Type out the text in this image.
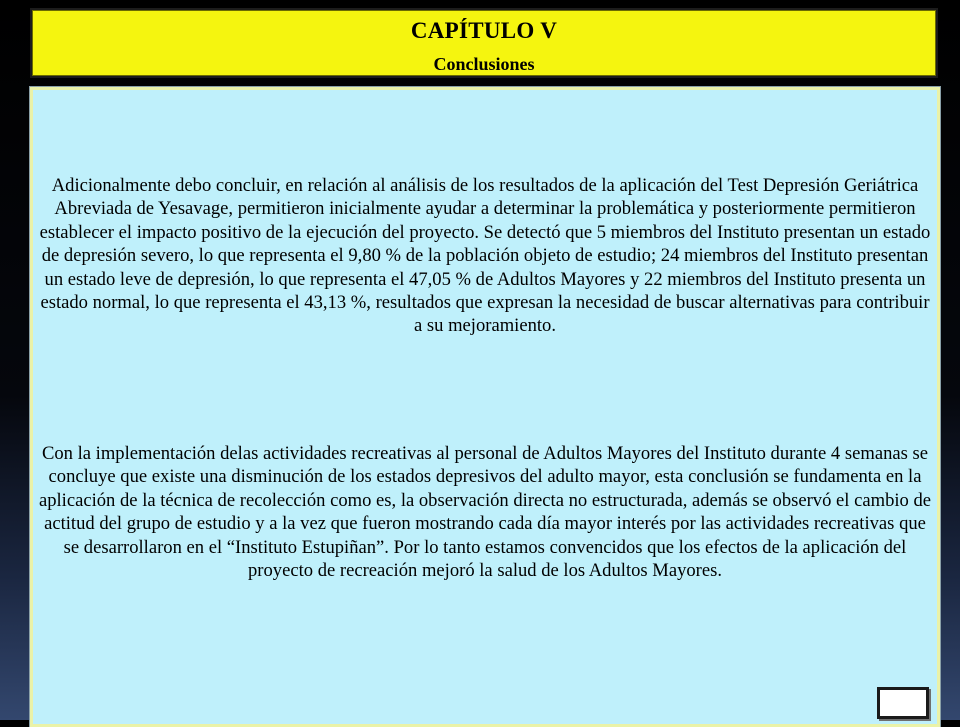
CAPÍTULO V
Conclusiones

Adicionalmente debo concluir, en relación al análisis de los resultados de la aplicación del Test Depresión Geriátrica Abreviada de Yesavage, permitieron inicialmente ayudar a determinar la problemática y posteriormente permitieron establecer el impacto positivo de la ejecución del proyecto. Se detectó que 5 miembros del Instituto presentan un estado de depresión severo, lo que representa el 9,80 % de la población objeto de estudio; 24 miembros del Instituto presentan un estado leve de depresión, lo que representa el 47,05 % de Adultos Mayores y 22 miembros del Instituto presenta un estado normal, lo que representa el 43,13 %, resultados que expresan la necesidad de buscar alternativas para contribuir a su mejoramiento.

Con la implementación delas actividades recreativas al personal de Adultos Mayores del Instituto durante 4 semanas se concluye que existe una disminución de los estados depresivos del adulto mayor, esta conclusión se fundamenta en la aplicación de la técnica de recolección como es, la observación directa no estructurada, además se observó el cambio de actitud del grupo de estudio y a la vez que fueron mostrando cada día mayor interés por las actividades recreativas que se desarrollaron en el “Instituto Estupiñan”. Por lo tanto estamos convencidos que los efectos de la aplicación del proyecto de recreación mejoró la salud de los Adultos Mayores.
